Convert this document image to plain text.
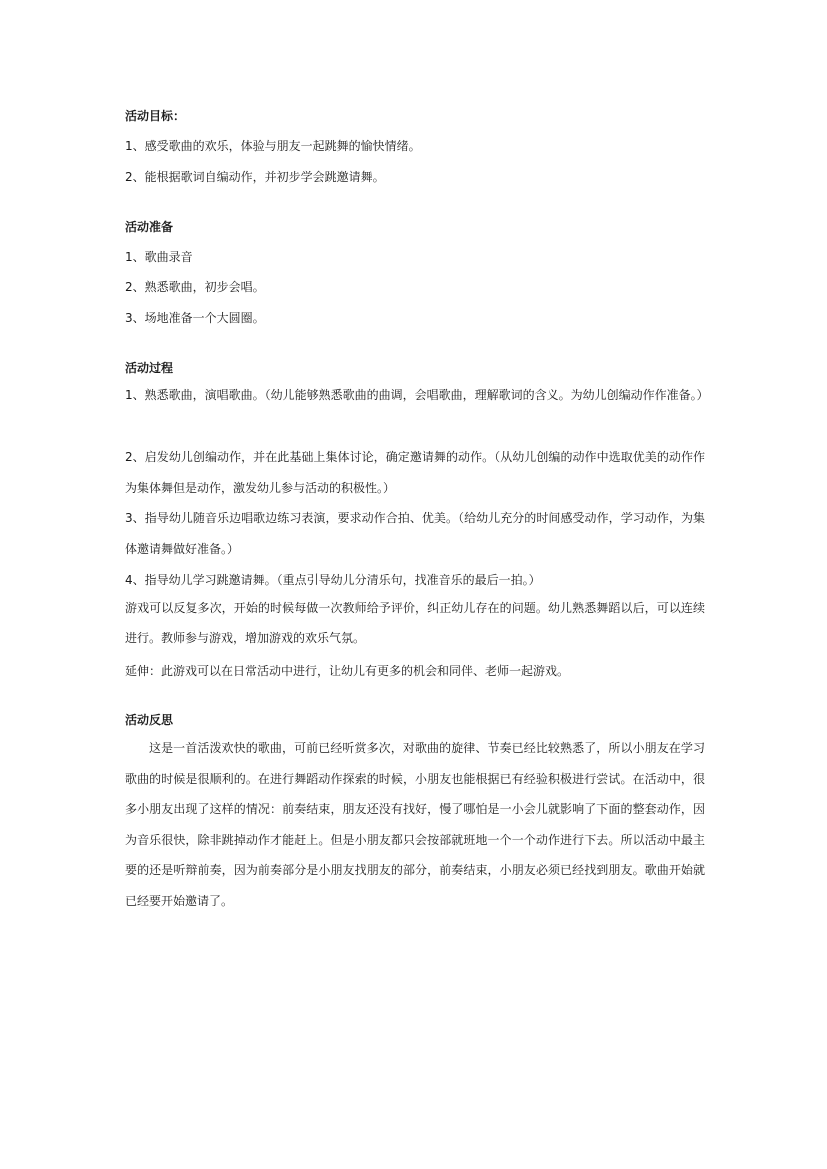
活动目标：
1、感受歌曲的欢乐，体验与朋友一起跳舞的愉快情绪。
2、能根据歌词自编动作，并初步学会跳邀请舞。
活动准备
1、歌曲录音
2、熟悉歌曲，初步会唱。
3、场地准备一个大圆圈。
活动过程
1、熟悉歌曲，演唱歌曲。（幼儿能够熟悉歌曲的曲调，会唱歌曲，理解歌词的含义。为幼儿创编动作作准备。）
2、启发幼儿创编动作，并在此基础上集体讨论，确定邀请舞的动作。（从幼儿创编的动作中选取优美的动作作为集体舞但是动作，激发幼儿参与活动的积极性。）
3、指导幼儿随音乐边唱歌边练习表演，要求动作合拍、优美。（给幼儿充分的时间感受动作，学习动作，为集体邀请舞做好准备。）
4、指导幼儿学习跳邀请舞。（重点引导幼儿分清乐句，找准音乐的最后一拍。）
游戏可以反复多次，开始的时候每做一次教师给予评价，纠正幼儿存在的问题。幼儿熟悉舞蹈以后，可以连续进行。教师参与游戏，增加游戏的欢乐气氛。
延伸：此游戏可以在日常活动中进行，让幼儿有更多的机会和同伴、老师一起游戏。
活动反思
这是一首活泼欢快的歌曲，可前已经听赏多次，对歌曲的旋律、节奏已经比较熟悉了，所以小朋友在学习歌曲的时候是很顺利的。在进行舞蹈动作探索的时候，小朋友也能根据已有经验积极进行尝试。在活动中，很多小朋友出现了这样的情况：前奏结束，朋友还没有找好，慢了哪怕是一小会儿就影响了下面的整套动作，因为音乐很快，除非跳掉动作才能赶上。但是小朋友都只会按部就班地一个一个动作进行下去。所以活动中最主要的还是听辩前奏，因为前奏部分是小朋友找朋友的部分，前奏结束，小朋友必须已经找到朋友。歌曲开始就已经要开始邀请了。
